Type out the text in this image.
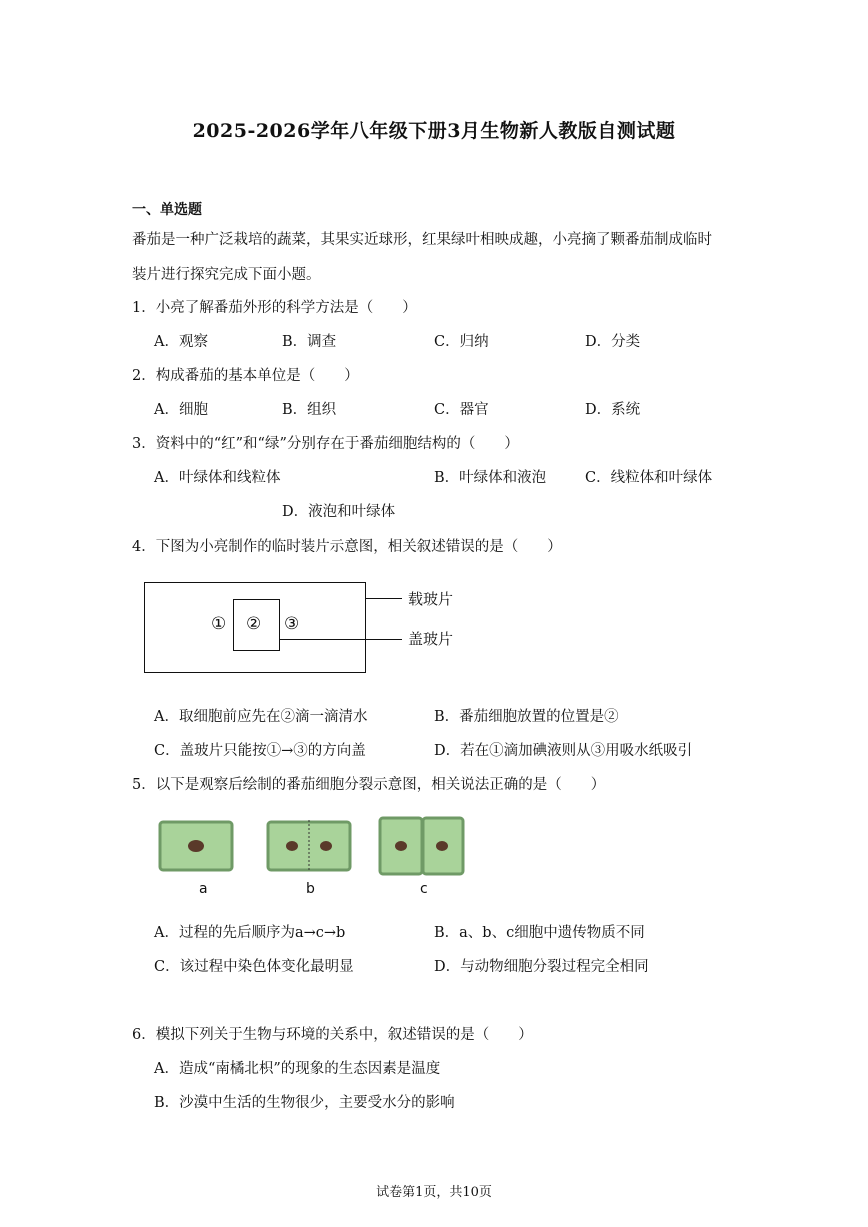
2025-2026学年八年级下册3月生物新人教版自测试题
一、单选题
番茄是一种广泛栽培的蔬菜，其果实近球形，红果绿叶相映成趣，小亮摘了颗番茄制成临时
装片进行探究完成下面小题。
1．小亮了解番茄外形的科学方法是（　　）
A．观察	B．调查	C．归纳	D．分类
2．构成番茄的基本单位是（　　）
A．细胞	B．组织	C．器官	D．系统
3．资料中的“红”和“绿”分别存在于番茄细胞结构的（　　）
A．叶绿体和线粒体	B．叶绿体和液泡	C．线粒体和叶绿体
D．液泡和叶绿体
4．下图为小亮制作的临时装片示意图，相关叙述错误的是（　　）
① ② ③
载玻片
盖玻片
A．取细胞前应先在②滴一滴清水	B．番茄细胞放置的位置是②
C．盖玻片只能按①→③的方向盖	D．若在①滴加碘液则从③用吸水纸吸引
5．以下是观察后绘制的番茄细胞分裂示意图，相关说法正确的是（　　）
a	b	c
A．过程的先后顺序为a→c→b	B．a、b、c细胞中遗传物质不同
C．该过程中染色体变化最明显	D．与动物细胞分裂过程完全相同
6．模拟下列关于生物与环境的关系中，叙述错误的是（　　）
A．造成“南橘北枳”的现象的生态因素是温度
B．沙漠中生活的生物很少，主要受水分的影响
试卷第1页，共10页
